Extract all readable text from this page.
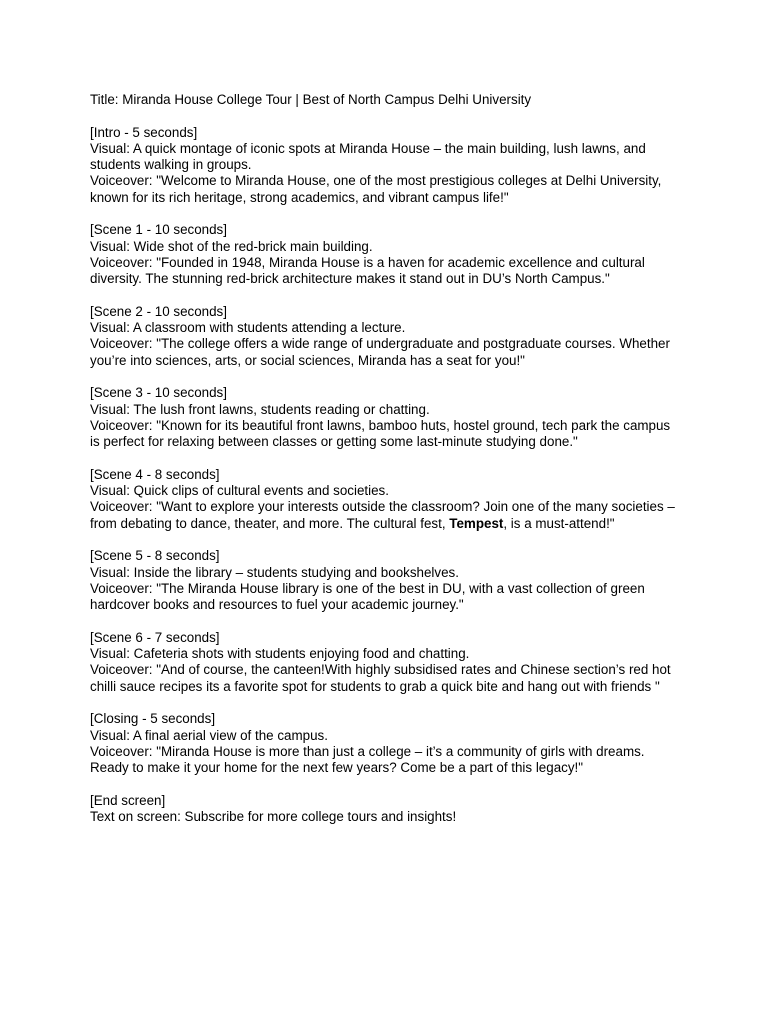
Title: Miranda House College Tour | Best of North Campus Delhi University

[Intro - 5 seconds]

Visual: A quick montage of iconic spots at Miranda House – the main building, lush lawns, and students walking in groups.

Voiceover: "Welcome to Miranda House, one of the most prestigious colleges at Delhi University, known for its rich heritage, strong academics, and vibrant campus life!"

[Scene 1 - 10 seconds]

Visual: Wide shot of the red-brick main building.

Voiceover: "Founded in 1948, Miranda House is a haven for academic excellence and cultural diversity. The stunning red-brick architecture makes it stand out in DU’s North Campus."

[Scene 2 - 10 seconds]

Visual: A classroom with students attending a lecture.

Voiceover: "The college offers a wide range of undergraduate and postgraduate courses. Whether you’re into sciences, arts, or social sciences, Miranda has a seat for you!"

[Scene 3 - 10 seconds]

Visual: The lush front lawns, students reading or chatting.

Voiceover: "Known for its beautiful front lawns, bamboo huts, hostel ground, tech park the campus is perfect for relaxing between classes or getting some last-minute studying done."

[Scene 4 - 8 seconds]

Visual: Quick clips of cultural events and societies.

Voiceover: "Want to explore your interests outside the classroom? Join one of the many societies – from debating to dance, theater, and more. The cultural fest, Tempest, is a must-attend!"

[Scene 5 - 8 seconds]

Visual: Inside the library – students studying and bookshelves.

Voiceover: "The Miranda House library is one of the best in DU, with a vast collection of green hardcover books and resources to fuel your academic journey."

[Scene 6 - 7 seconds]

Visual: Cafeteria shots with students enjoying food and chatting.

Voiceover: "And of course, the canteen!With highly subsidised rates and Chinese section’s red hot chilli sauce recipes its a favorite spot for students to grab a quick bite and hang out with friends "

[Closing - 5 seconds]

Visual: A final aerial view of the campus.

Voiceover: "Miranda House is more than just a college – it’s a community of girls with dreams. Ready to make it your home for the next few years? Come be a part of this legacy!"

[End screen]

Text on screen: Subscribe for more college tours and insights!
